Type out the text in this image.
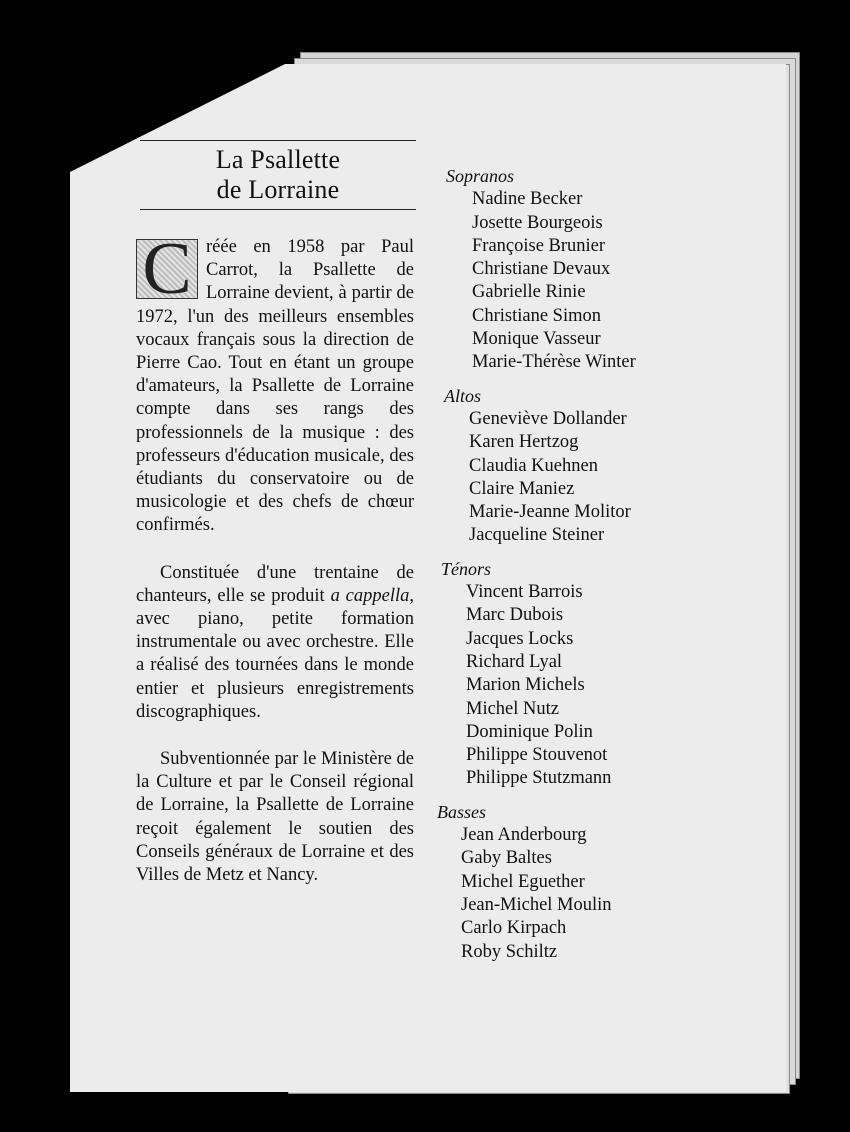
La Psallette
de Lorraine

C réée en 1958 par Paul Carrot, la Psallette de Lorraine devient, à partir de 1972, l'un des meilleurs ensembles vocaux français sous la direction de Pierre Cao. Tout en étant un groupe d'amateurs, la Psallette de Lorraine compte dans ses rangs des professionnels de la musique : des professeurs d'éducation musicale, des étudiants du conservatoire ou de musicologie et des chefs de chœur confirmés.

Constituée d'une trentaine de chanteurs, elle se produit a cappella, avec piano, petite formation instrumentale ou avec orchestre. Elle a réalisé des tournées dans le monde entier et plusieurs enregistrements discographiques.

Subventionnée par le Ministère de la Culture et par le Conseil régional de Lorraine, la Psallette de Lorraine reçoit également le soutien des Conseils généraux de Lorraine et des Villes de Metz et Nancy.

Sopranos
Nadine Becker
Josette Bourgeois
Françoise Brunier
Christiane Devaux
Gabrielle Rinie
Christiane Simon
Monique Vasseur
Marie-Thérèse Winter
Altos
Geneviève Dollander
Karen Hertzog
Claudia Kuehnen
Claire Maniez
Marie-Jeanne Molitor
Jacqueline Steiner
Ténors
Vincent Barrois
Marc Dubois
Jacques Locks
Richard Lyal
Marion Michels
Michel Nutz
Dominique Polin
Philippe Stouvenot
Philippe Stutzmann
Basses
Jean Anderbourg
Gaby Baltes
Michel Eguether
Jean-Michel Moulin
Carlo Kirpach
Roby Schiltz
